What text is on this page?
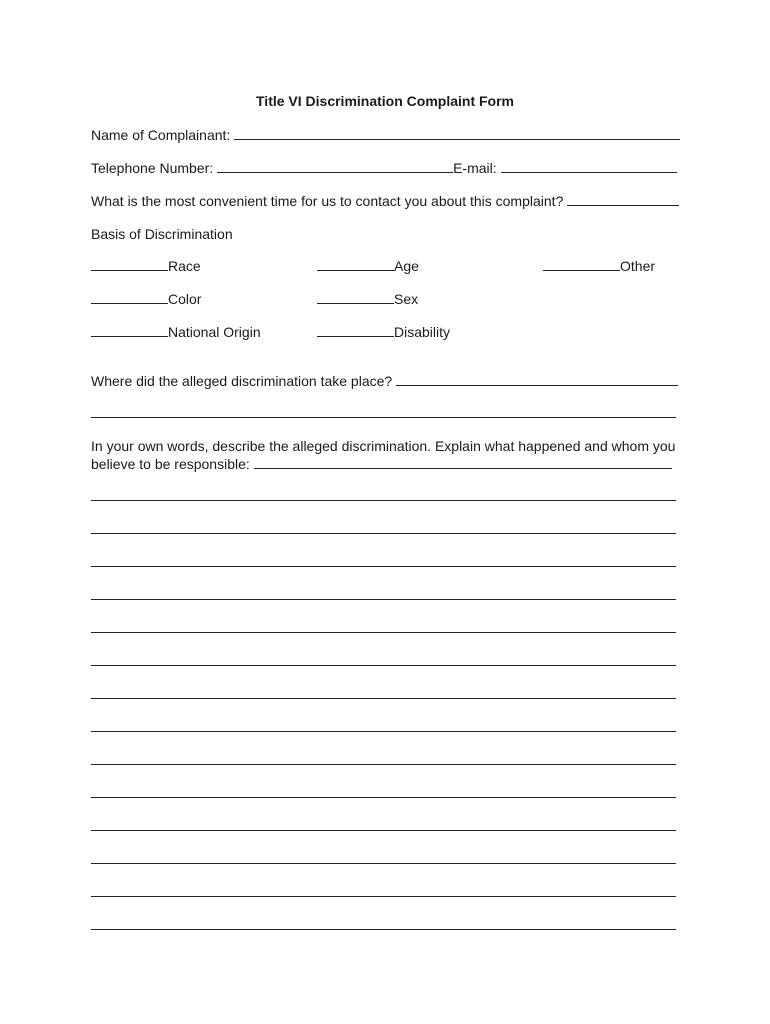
Title VI Discrimination Complaint Form
Name of Complainant:
Telephone Number:	E-mail:
What is the most convenient time for us to contact you about this complaint?
Basis of Discrimination
Race	Age	Other
Color	Sex
National Origin	Disability
Where did the alleged discrimination take place?
In your own words, describe the alleged discrimination. Explain what happened and whom you
believe to be responsible:
